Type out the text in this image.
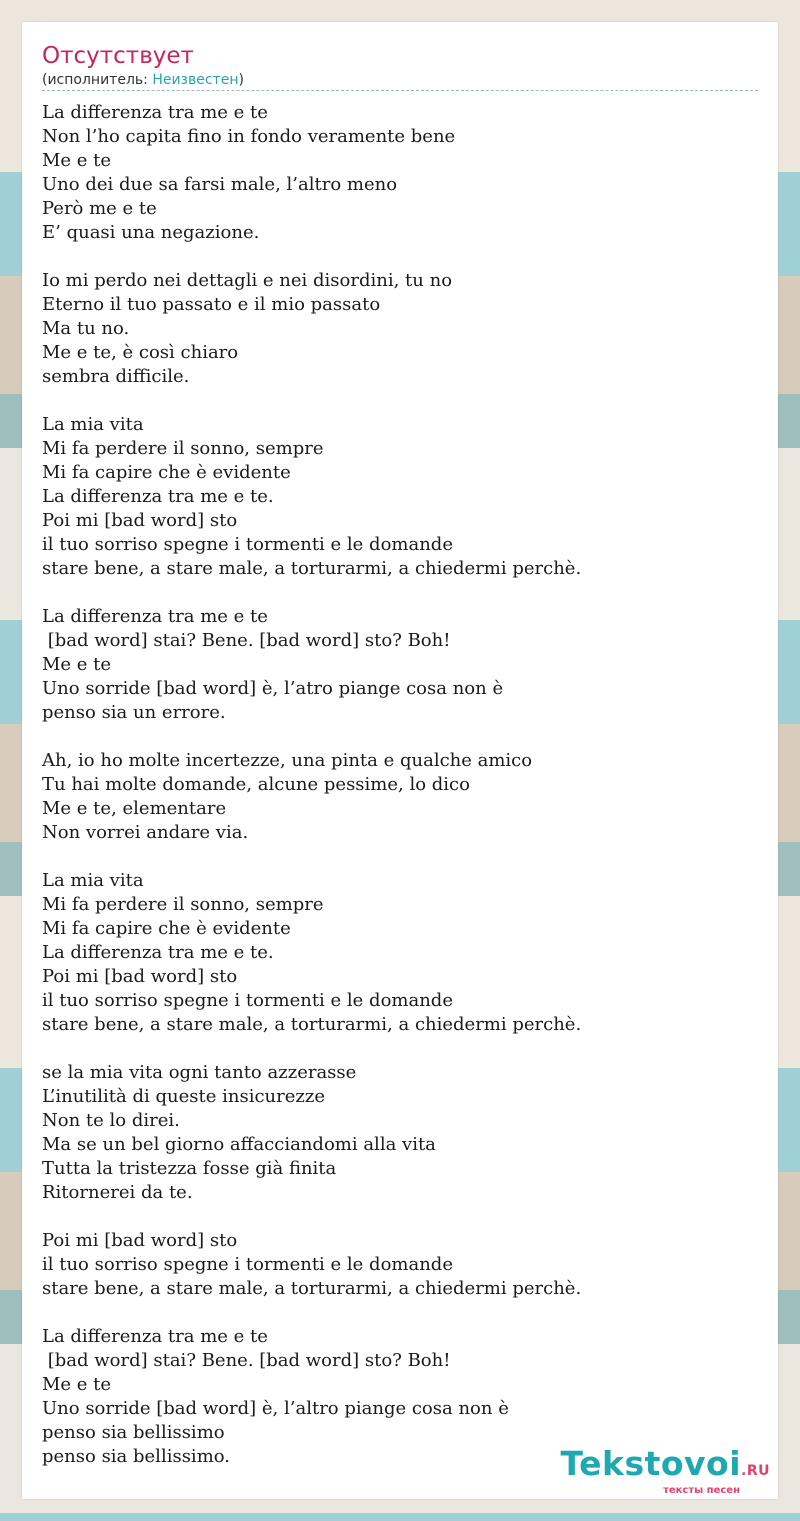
Отсутствует
(исполнитель: Неизвестен)
La differenza tra me e te
Non l’ho capita fino in fondo veramente bene
Me e te
Uno dei due sa farsi male, l’altro meno
Però me e te
E’ quasi una negazione.
Io mi perdo nei dettagli e nei disordini, tu no
Eterno il tuo passato e il mio passato
Ma tu no.
Me e te, è così chiaro
sembra difficile.
La mia vita
Mi fa perdere il sonno, sempre
Mi fa capire che è evidente
La differenza tra me e te.
Poi mi [bad word] sto
il tuo sorriso spegne i tormenti e le domande
stare bene, a stare male, a torturarmi, a chiedermi perchè.
La differenza tra me e te
[bad word] stai? Bene. [bad word] sto? Boh!
Me e te
Uno sorride [bad word] è, l’atro piange cosa non è
penso sia un errore.
Ah, io ho molte incertezze, una pinta e qualche amico
Tu hai molte domande, alcune pessime, lo dico
Me e te, elementare
Non vorrei andare via.
La mia vita
Mi fa perdere il sonno, sempre
Mi fa capire che è evidente
La differenza tra me e te.
Poi mi [bad word] sto
il tuo sorriso spegne i tormenti e le domande
stare bene, a stare male, a torturarmi, a chiedermi perchè.
se la mia vita ogni tanto azzerasse
L’inutilità di queste insicurezze
Non te lo direi.
Ma se un bel giorno affacciandomi alla vita
Tutta la tristezza fosse già finita
Ritornerei da te.
Poi mi [bad word] sto
il tuo sorriso spegne i tormenti e le domande
stare bene, a stare male, a torturarmi, a chiedermi perchè.
La differenza tra me e te
[bad word] stai? Bene. [bad word] sto? Boh!
Me e te
Uno sorride [bad word] è, l’altro piange cosa non è
penso sia bellissimo
penso sia bellissimo.	Tekstovoi.RU
тексты песен
